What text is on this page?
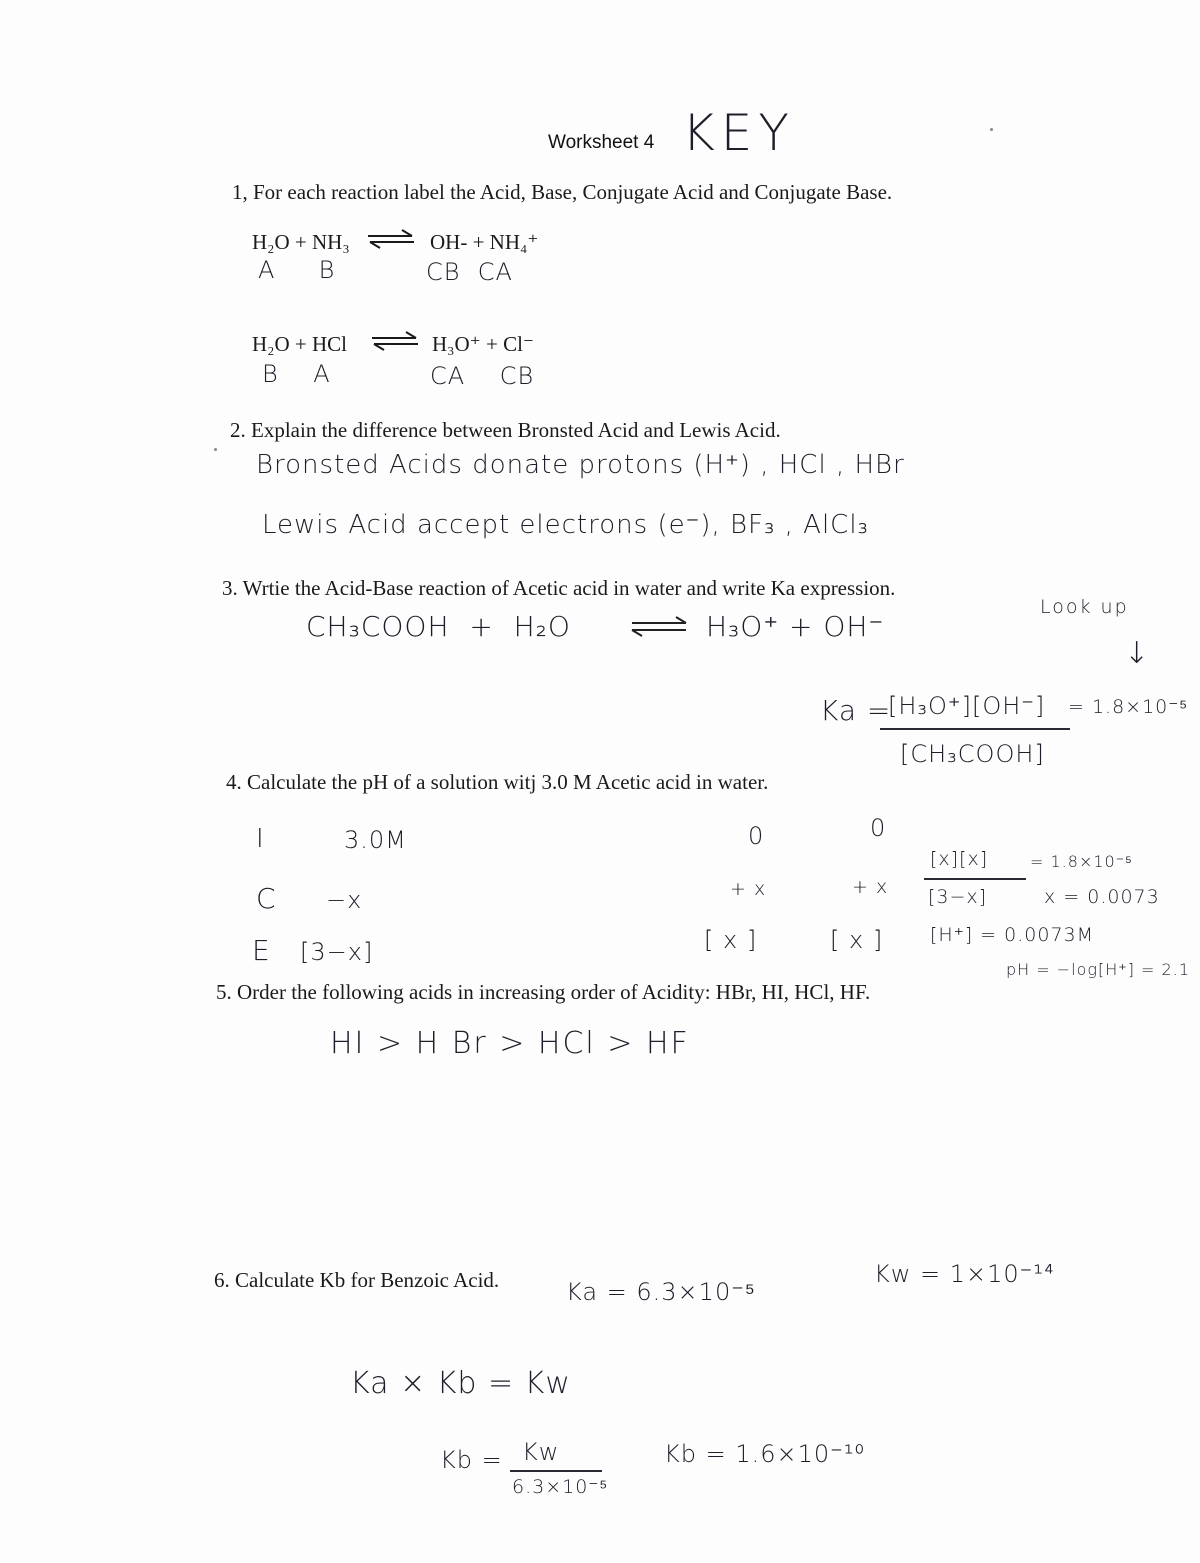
Worksheet 4 KEY
1, For each reaction label the Acid, Base, Conjugate Acid and Conjugate Base.
H₂O + NH₃ ⇌ OH- + NH₄⁺
A     B	CB  CA
H₂O + HCl ⇌ H₃O⁺ + Cl⁻
B    A	CA    CB
2. Explain the difference between Bronsted Acid and Lewis Acid.
Bronsted Acids donate protons (H⁺) , HCl , HBr
Lewis Acid accept electrons (e⁻), BF₃ , AlCl₃
3. Wrtie the Acid-Base reaction of Acetic acid in water and write Ka expression.
CH₃COOH  +  H₂O	⇌ H₃O⁺ + OH⁻
Look up
↓
Ka =
[H₃O⁺][OH⁻] = 1.8×10⁻⁵
[CH₃COOH]
4. Calculate the pH of a solution witj 3.0 M Acetic acid in water.
I	3.0M	0	0
C −x	+ x	+ x
E [3−x]	[ x ]	[ x ]
[x][x]	= 1.8×10⁻⁵
[3−x]	x = 0.0073
[H⁺] = 0.0073M
pH = −log[H⁺] = 2.1
5. Order the following acids in increasing order of Acidity: HBr, HI, HCl, HF.
HI > H Br > HCl > HF
6. Calculate Kb for Benzoic Acid.	Ka = 6.3×10⁻⁵
Kw = 1×10⁻¹⁴
Ka × Kb = Kw
Kb = Kw
6.3×10⁻⁵
Kb = 1.6×10⁻¹⁰
